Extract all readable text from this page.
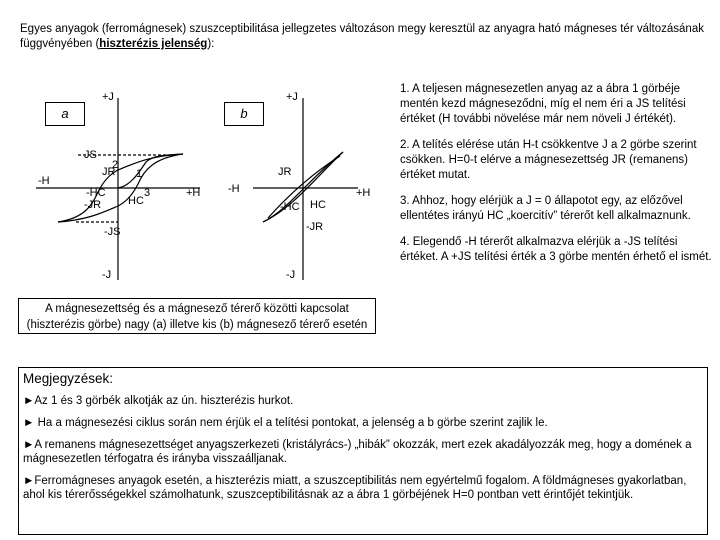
Egyes anyagok (ferromágnesek) szuszceptibilitása jellegzetes változáson megy keresztül az anyagra ható mágneses tér változásának függvényében (hiszterézis jelenség):
+J
-J
+H
-H
JS
JR
-JR HC
-HC
-JS
1
2
3
+J
-J
+H
-H
JR
-JR
HC
-HC
a	b
A mágnesezettség és a mágnesező térerő közötti kapcsolat (hiszterézis görbe) nagy (a) illetve kis (b) mágnesező térerő esetén

1. A teljesen mágnesezetlen anyag az a ábra 1 görbéje mentén kezd mágneseződni, míg el nem éri a JS telítési értéket (H további növelése már nem növeli J értékét).

2. A telítés elérése után H-t csökkentve J a 2 görbe szerint csökken. H=0-t elérve a mágnesezettség JR (remanens) értéket mutat.

3. Ahhoz, hogy elérjük a J = 0 állapotot egy, az előzővel ellentétes irányú HC „koercitív” térerőt kell alkalmaznunk.

4. Elegendő -H térerőt alkalmazva elérjük a -JS telítési értéket. A +JS telítési érték a 3 görbe mentén érhető el ismét.

Megjegyzések:

►Az 1 és 3 görbék alkotják az ún. hiszterézis hurkot.

► Ha a mágnesezési ciklus során nem érjük el a telítési pontokat, a jelenség a b görbe szerint zajlik le.

►A remanens mágnesezettséget anyagszerkezeti (kristályrács-) „hibák” okozzák, mert ezek akadályozzák meg, hogy a domének a mágnesezetlen térfogatra és irányba visszaálljanak.

►Ferromágneses anyagok esetén, a hiszterézis miatt, a szuszceptibilitás nem egyértelmű fogalom. A földmágneses gyakorlatban, ahol kis térerősségekkel számolhatunk, szuszceptibilitásnak az a ábra 1 görbéjének H=0 pontban vett érintőjét tekintjük.
